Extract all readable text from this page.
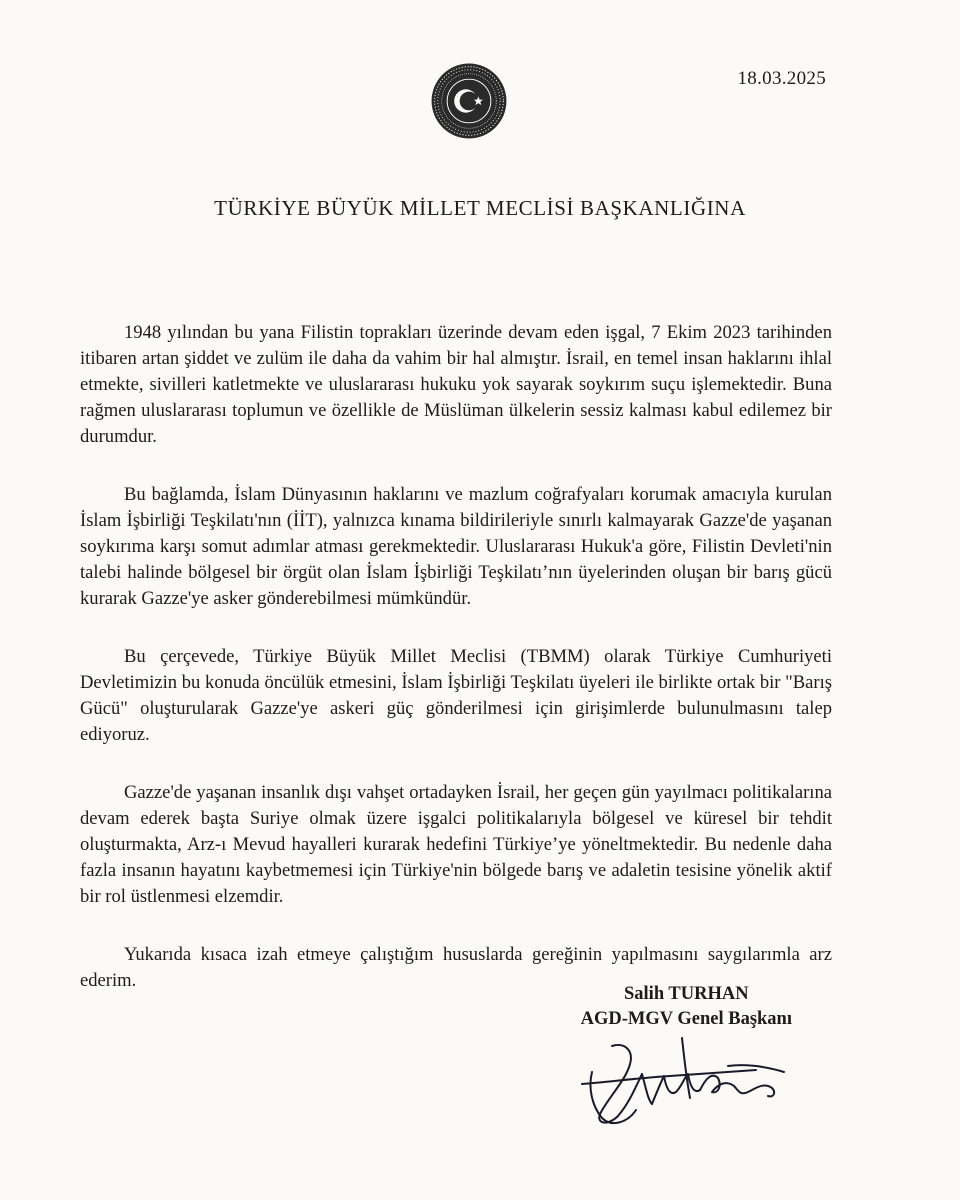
18.03.2025
TÜRKİYE BÜYÜK MİLLET MECLİSİ BAŞKANLIĞINA

1948 yılından bu yana Filistin toprakları üzerinde devam eden işgal, 7 Ekim 2023 tarihinden itibaren artan şiddet ve zulüm ile daha da vahim bir hal almıştır. İsrail, en temel insan haklarını ihlal etmekte, sivilleri katletmekte ve uluslararası hukuku yok sayarak soykırım suçu işlemektedir. Buna rağmen uluslararası toplumun ve özellikle de Müslüman ülkelerin sessiz kalması kabul edilemez bir durumdur.

Bu bağlamda, İslam Dünyasının haklarını ve mazlum coğrafyaları korumak amacıyla kurulan İslam İşbirliği Teşkilatı'nın (İİT), yalnızca kınama bildirileriyle sınırlı kalmayarak Gazze'de yaşanan soykırıma karşı somut adımlar atması gerekmektedir. Uluslararası Hukuk'a göre, Filistin Devleti'nin talebi halinde bölgesel bir örgüt olan İslam İşbirliği Teşkilatı’nın üyelerinden oluşan bir barış gücü kurarak Gazze'ye asker gönderebilmesi mümkündür.

Bu çerçevede, Türkiye Büyük Millet Meclisi (TBMM) olarak Türkiye Cumhuriyeti Devletimizin bu konuda öncülük etmesini, İslam İşbirliği Teşkilatı üyeleri ile birlikte ortak bir "Barış Gücü" oluşturularak Gazze'ye askeri güç gönderilmesi için girişimlerde bulunulmasını talep ediyoruz.

Gazze'de yaşanan insanlık dışı vahşet ortadayken İsrail, her geçen gün yayılmacı politikalarına devam ederek başta Suriye olmak üzere işgalci politikalarıyla bölgesel ve küresel bir tehdit oluşturmakta, Arz-ı Mevud hayalleri kurarak hedefini Türkiye’ye yöneltmektedir. Bu nedenle daha fazla insanın hayatını kaybetmemesi için Türkiye'nin bölgede barış ve adaletin tesisine yönelik aktif bir rol üstlenmesi elzemdir.

Yukarıda kısaca izah etmeye çalıştığım hususlarda gereğinin yapılmasını saygılarımla arz ederim.

Salih TURHAN
AGD-MGV Genel Başkanı
